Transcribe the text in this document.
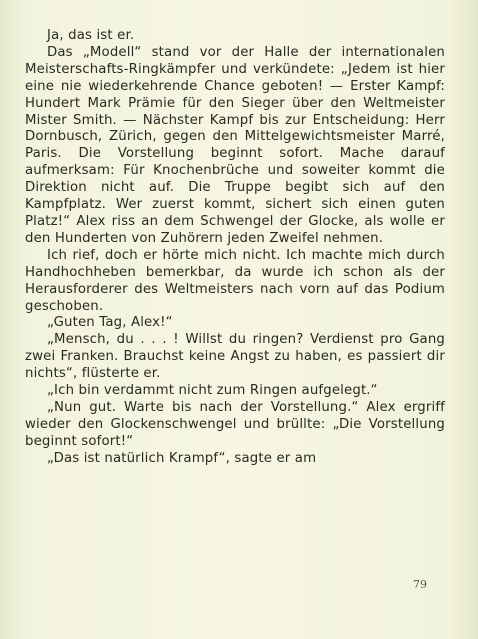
Ja, das ist er.

Das „Modell“ stand vor der Halle der internationalen Meisterschafts-Ringkämpfer und verkündete: „Jedem ist hier eine nie wiederkehrende Chance geboten! — Erster Kampf: Hundert Mark Prämie für den Sieger über den Weltmeister Mister Smith. — Nächster Kampf bis zur Entscheidung: Herr Dornbusch, Zürich, gegen den Mittelgewichtsmeister Marré, Paris. Die Vorstellung beginnt sofort. Mache darauf aufmerksam: Für Knochenbrüche und soweiter kommt die Direktion nicht auf. Die Truppe begibt sich auf den Kampfplatz. Wer zuerst kommt, sichert sich einen guten Platz!“ Alex riss an dem Schwengel der Glocke, als wolle er den Hunderten von Zuhörern jeden Zweifel nehmen.

Ich rief, doch er hörte mich nicht. Ich machte mich durch Handhochheben bemerkbar, da wurde ich schon als der Herausforderer des Weltmeisters nach vorn auf das Podium geschoben.

„Guten Tag, Alex!“

„Mensch, du . . . ! Willst du ringen? Verdienst pro Gang zwei Franken. Brauchst keine Angst zu haben, es passiert dir nichts“, flüsterte er.

„Ich bin verdammt nicht zum Ringen aufgelegt.“

„Nun gut. Warte bis nach der Vorstellung.“ Alex ergriff wieder den Glockenschwengel und brüllte: „Die Vorstellung beginnt sofort!“

„Das ist natürlich Krampf“, sagte er am

79
